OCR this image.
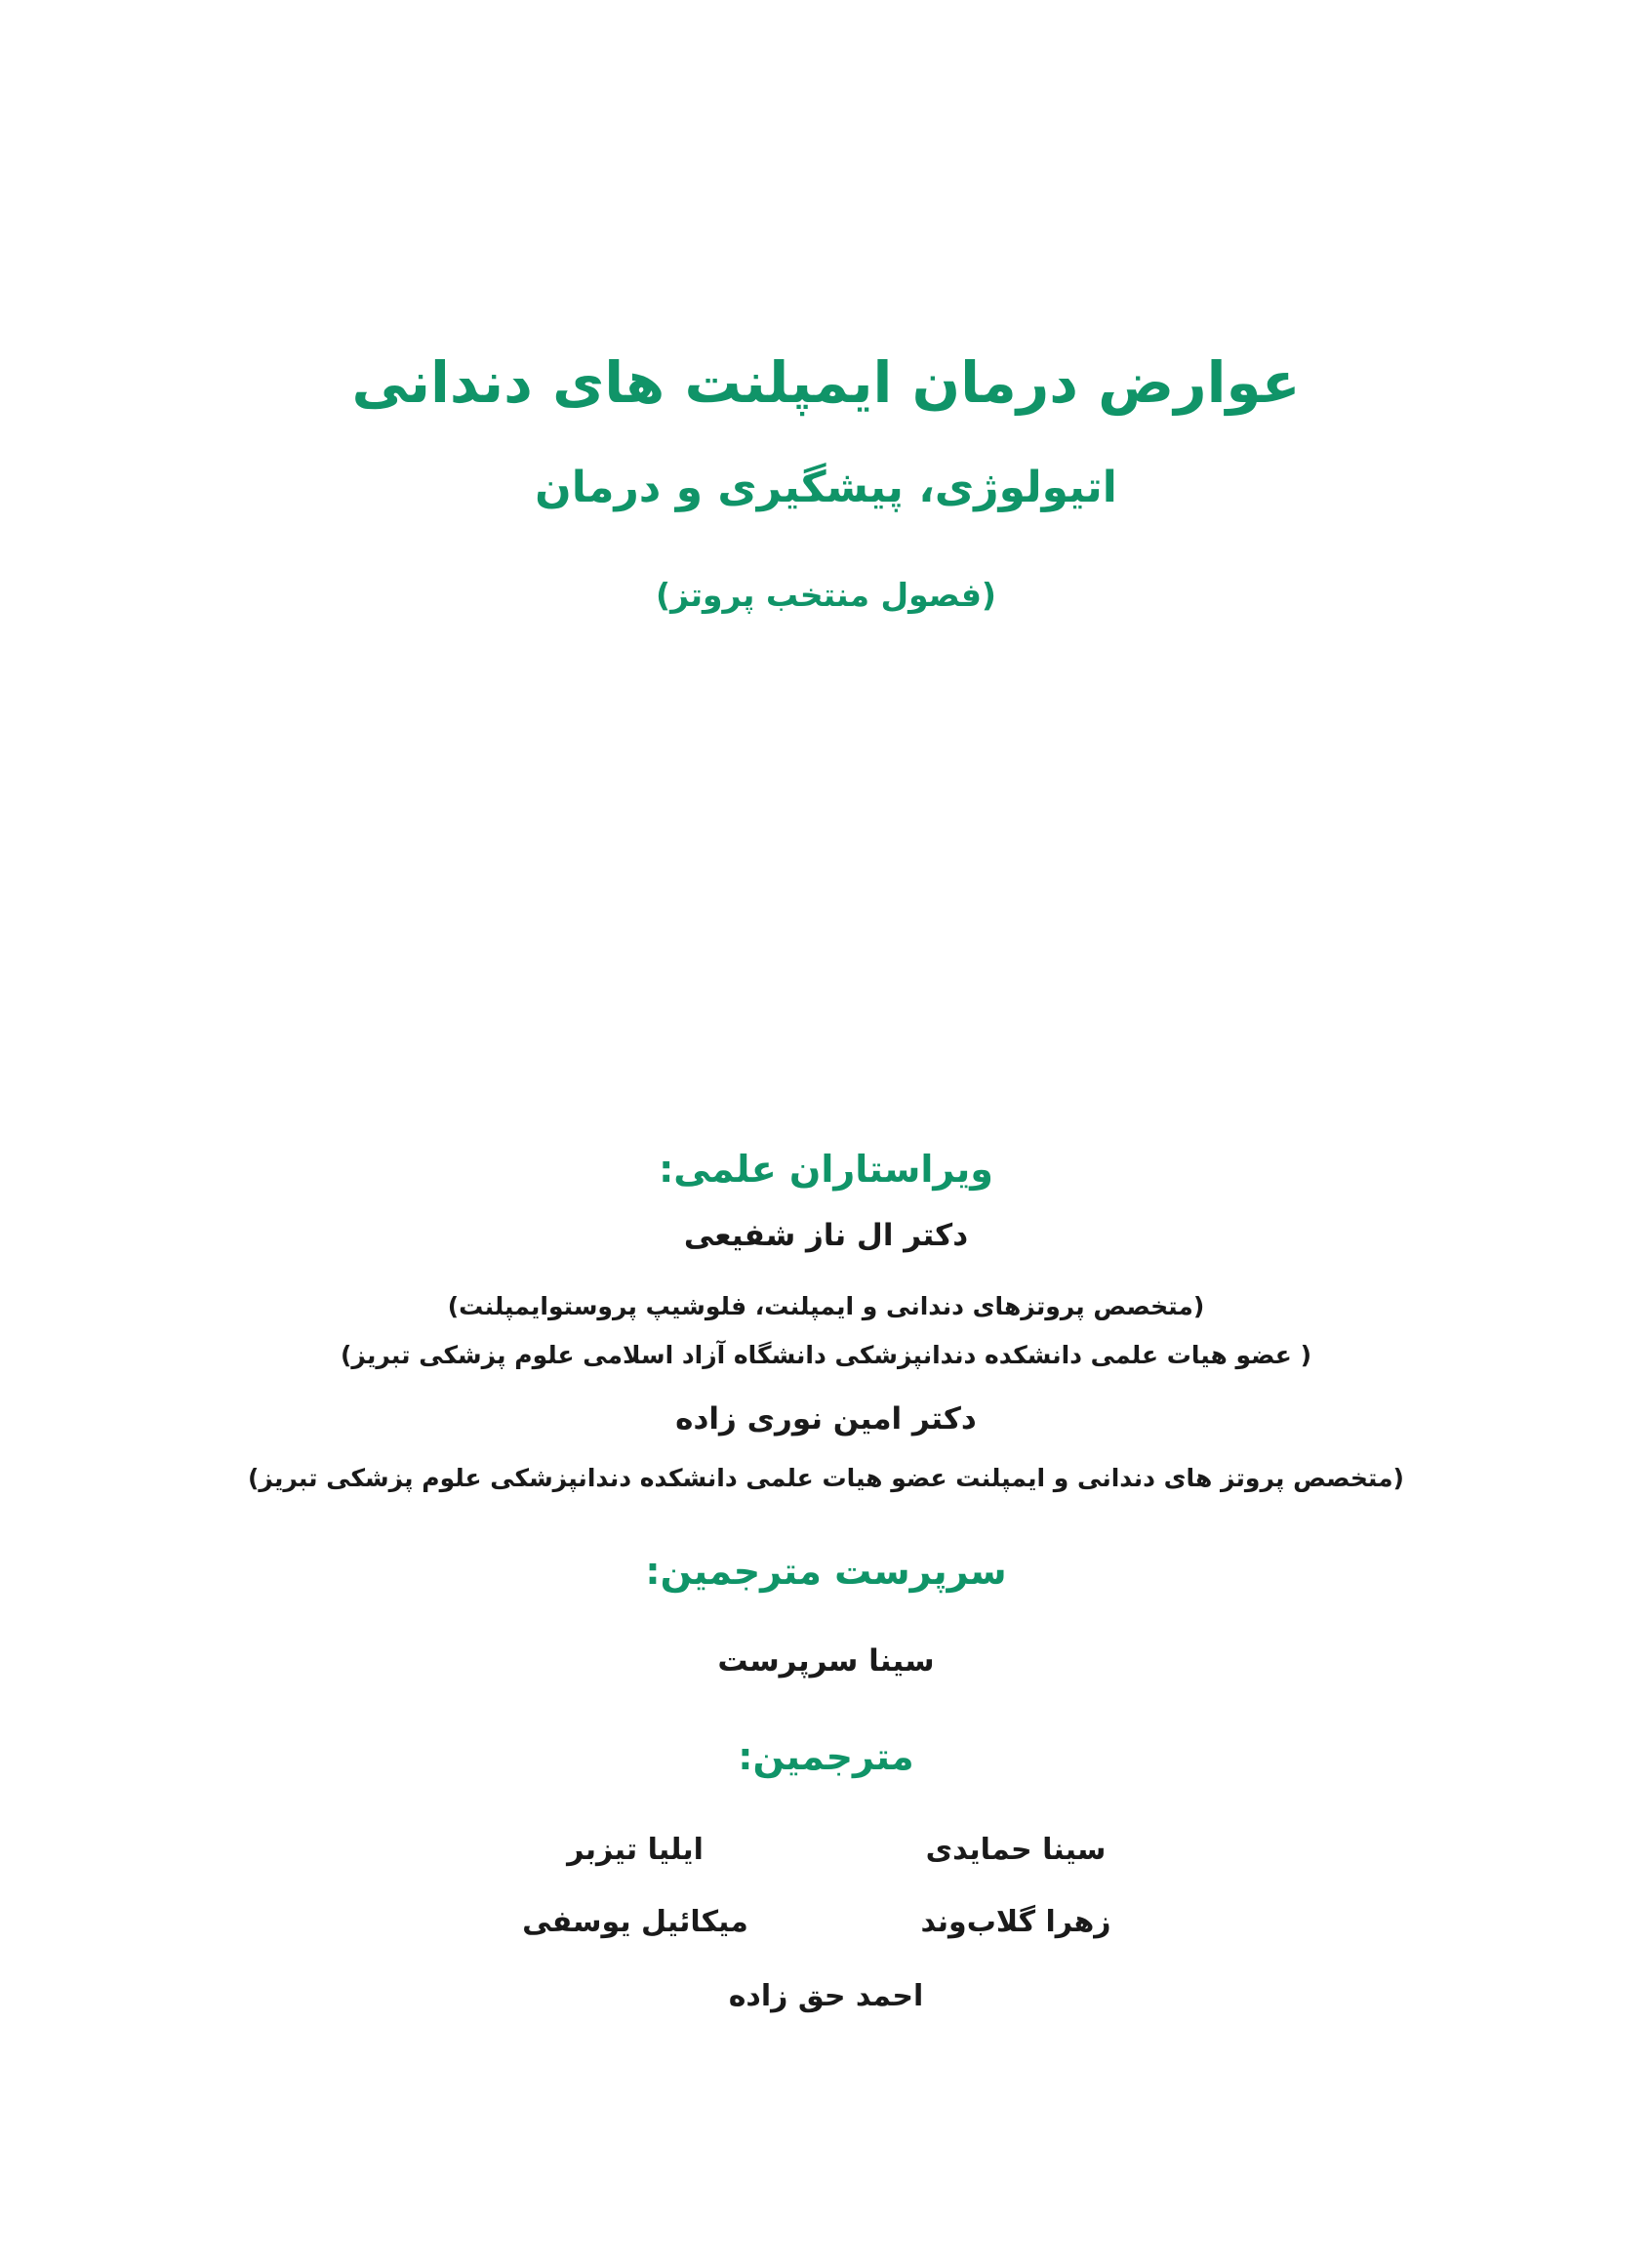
عوارض درمان ایمپلنت های دندانی
اتیولوژی، پیشگیری و درمان
(فصول منتخب پروتز)
ویراستاران علمی:
دکتر ال ناز شفیعی
(متخصص پروتزهای دندانی و ایمپلنت، فلوشیپ پروستوایمپلنت)
( عضو هیات علمی دانشکده دندانپزشکی دانشگاه آزاد اسلامی علوم پزشکی تبریز)
دکتر امین نوری زاده
(متخصص پروتز های دندانی و ایمپلنت عضو هیات علمی دانشکده دندانپزشکی علوم پزشکی تبریز)
سرپرست مترجمین:
سینا سرپرست
مترجمین:
سینا حمایدی
ایلیا تیزبر
زهرا گلاب‌وند
میکائیل یوسفی
احمد حق زاده
